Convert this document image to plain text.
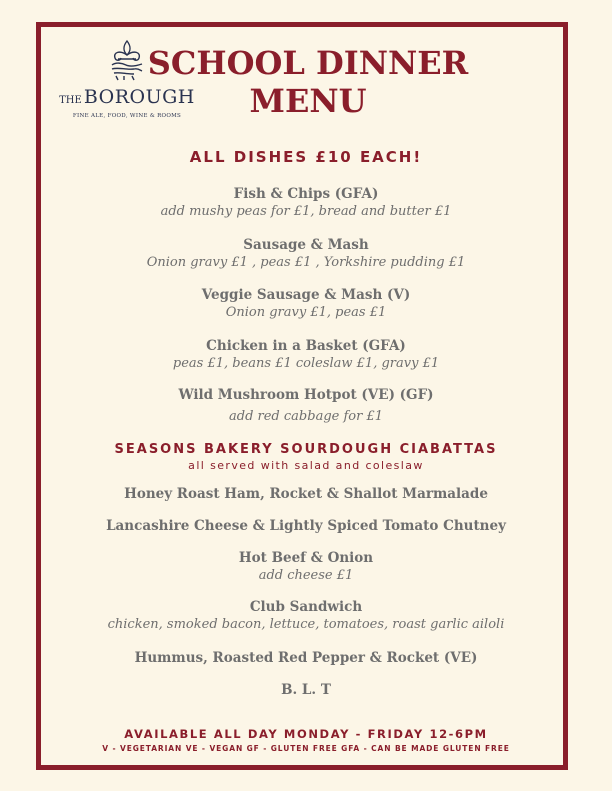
THE BOROUGH
FINE ALE, FOOD, WINE & ROOMS
SCHOOL DINNER
MENU
ALL DISHES £10 EACH!
Fish & Chips (GFA)
add mushy peas for £1, bread and butter £1
Sausage & Mash
Onion gravy £1 , peas £1 , Yorkshire pudding £1
Veggie Sausage & Mash (V)
Onion gravy £1, peas £1
Chicken in a Basket (GFA)
peas £1, beans £1 coleslaw £1, gravy £1
Wild Mushroom Hotpot (VE) (GF)
add red cabbage for £1
SEASONS BAKERY SOURDOUGH CIABATTAS
all served with salad and coleslaw
Honey Roast Ham, Rocket & Shallot Marmalade
Lancashire Cheese & Lightly Spiced Tomato Chutney
Hot Beef & Onion
add cheese £1
Club Sandwich
chicken, smoked bacon, lettuce, tomatoes, roast garlic ailoli
Hummus, Roasted Red Pepper & Rocket (VE)
B. L. T
AVAILABLE ALL DAY MONDAY - FRIDAY 12-6PM
V - VEGETARIAN VE - VEGAN GF - GLUTEN FREE GFA - CAN BE MADE GLUTEN FREE
